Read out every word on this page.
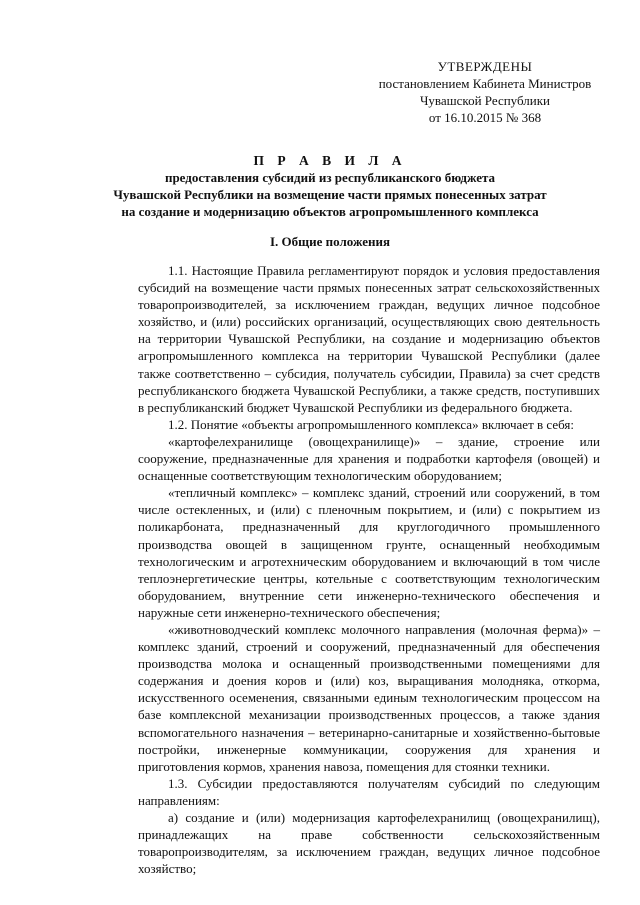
УТВЕРЖДЕНЫ
постановлением Кабинета Министров
Чувашской Республики
от 16.10.2015 № 368
П Р А В И Л А
предоставления субсидий из республиканского бюджета
Чувашской Республики на возмещение части прямых понесенных затрат
на создание и модернизацию объектов агропромышленного комплекса
I. Общие положения

1.1. Настоящие Правила регламентируют порядок и условия предоставления субсидий на возмещение части прямых понесенных затрат сельскохозяйственных товаропроизводителей, за исключением граждан, ведущих личное подсобное хозяйство, и (или) российских организаций, осуществляющих свою деятельность на территории Чувашской Республики, на создание и модернизацию объектов агропромышленного комплекса на территории Чувашской Республики (далее также соответственно – субсидия, получатель субсидии, Правила) за счет средств республиканского бюджета Чувашской Республики, а также средств, поступивших в республиканский бюджет Чувашской Республики из федерального бюджета.

1.2. Понятие «объекты агропромышленного комплекса» включает в себя:

«картофелехранилище (овощехранилище)» – здание, строение или сооружение, предназначенные для хранения и подработки картофеля (овощей) и оснащенные соответствующим технологическим оборудованием;

«тепличный комплекс» – комплекс зданий, строений или сооружений, в том числе остекленных, и (или) с пленочным покрытием, и (или) с покрытием из поликарбоната, предназначенный для круглогодичного промышленного производства овощей в защищенном грунте, оснащенный необходимым технологическим и агротехническим оборудованием и включающий в том числе теплоэнергетические центры, котельные с соответствующим технологическим оборудованием, внутренние сети инженерно-технического обеспечения и наружные сети инженерно-технического обеспечения;

«животноводческий комплекс молочного направления (молочная ферма)» – комплекс зданий, строений и сооружений, предназначенный для обеспечения производства молока и оснащенный производственными помещениями для содержания и доения коров и (или) коз, выращивания молодняка, откорма, искусственного осеменения, связанными единым технологическим процессом на базе комплексной механизации производственных процессов, а также здания вспомогательного назначения – ветеринарно-санитарные и хозяйственно-бытовые постройки, инженерные коммуникации, сооружения для хранения и приготовления кормов, хранения навоза, помещения для стоянки техники.

1.3. Субсидии предоставляются получателям субсидий по следующим направлениям:

а) создание и (или) модернизация картофелехранилищ (овощехранилищ), принадлежащих на праве собственности сельскохозяйственным товаропроизводителям, за исключением граждан, ведущих личное подсобное хозяйство;
